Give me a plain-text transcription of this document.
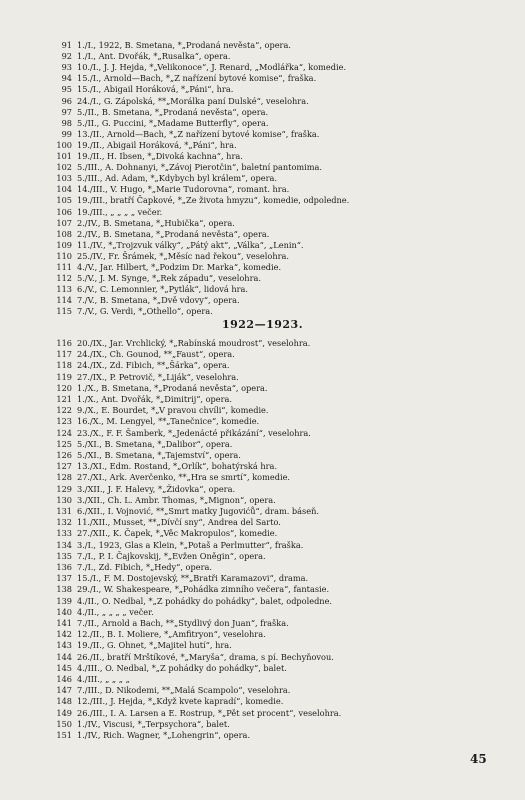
91 1./I., 1922, B. Smetana, *„Prodaná nevěsta“, opera.
92 1./I., Ant. Dvořák, *„Rusalka“, opera.
93 10./I., J. J. Hejda, *„Velikonoce“, J. Renard, „Modlářka“, komedie.
94 15./I., Arnold—Bach, *„Z nařízení bytové komise“, fraška.
95 15./I., Abigail Horáková, *„Páni“, hra.
96 24./I., G. Zápolská, **„Morálka paní Dulské“, veselohra.
97 5./II., B. Smetana, *„Prodaná nevěsta“, opera.
98 5./II., G. Puccini, *„Madame Butterfly“, opera.
99 13./II., Arnold—Bach, *„Z nařízení bytové komise“, fraška.
100 19./II., Abigail Horáková, *„Páni“, hra.
101 19./II., H. Ibsen, *„Divoká kachna“, hra.
102 5./III., A. Dohnanyi, *„Závoj Pierotčin“, baletní pantomima.
103 5./III., Ad. Adam, *„Kdybych byl králem“, opera.
104 14./III., V. Hugo, *„Marie Tudorovna“, romant. hra.
105 19./III., bratří Čapkové, *„Ze života hmyzu“, komedie, odpoledne.
106 19./III., „ „ „ „ večer.
107 2./IV., B. Smetana, *„Hubička“, opera.
108 2./IV., B. Smetana, *„Prodaná nevěsta“, opera.
109 11./IV., *„Trojzvuk války“, „Pátý akt“, „Válka“, „Lenin“.
110 25./IV., Fr. Šrámek, *„Měsíc nad řekou“, veselohra.
111 4./V., Jar. Hilbert, *„Podzim Dr. Marka“, komedie.
112 5./V., J. M. Synge, *„Rek západu“, veselohra.
113 6./V., C. Lemonnier, *„Pytlák“, lidová hra.
114 7./V., B. Smetana, *„Dvě vdovy“, opera.
115 7./V., G. Verdi, *„Othello“, opera.
1922—1923.
116 20./IX., Jar. Vrchlický, *„Rabínská moudrost“, veselohra.
117 24./IX., Ch. Gounod, **„Faust“, opera.
118 24./IX., Zd. Fibich, **„Šárka“, opera.
119 27./IX., P. Petrovič, *„Liják“, veselohra.
120 1./X., B. Smetana, *„Prodaná nevěsta“, opera.
121 1./X., Ant. Dvořák, *„Dimitrij“, opera.
122 9./X., E. Bourdet, *„V pravou chvíli“, komedie.
123 16./X., M. Lengyel, **„Tanečnice“, komedie.
124 23./X., F. F. Šamberk, *„Jedenácté přikázání“, veselohra.
125 5./XI., B. Smetana, *„Dalibor“, opera.
126 5./XI., B. Smetana, *„Tajemství“, opera.
127 13./XI., Edm. Rostand, *„Orlík“, bohatýrská hra.
128 27./XI., Ark. Averčenko, **„Hra se smrtí“, komedie.
129 3./XII., J. F. Halevy, *„Židovka“, opera.
130 3./XII., Ch. L. Ambr. Thomas, *„Mignon“, opera.
131 6./XII., I. Vojnović, **„Smrt matky Jugovićů“, dram. báseň.
132 11./XII., Musset, **„Dívčí sny“, Andrea del Sarto.
133 27./XII., K. Čapek, *„Věc Makropulos“, komedie.
134 3./I., 1923, Glas a Klein, *„Potaš a Perlmutter“, fraška.
135 7./I., P. I. Čajkovskij, *„Evžen Oněgin“, opera.
136 7./I., Zd. Fibich, *„Hedy“, opera.
137 15./I., F. M. Dostojevský, **„Bratři Karamazovi“, drama.
138 29./I., W. Shakespeare, *„Pohádka zimního večera“, fantasie.
139 4./II., O. Nedbal, *„Z pohádky do pohádky“, balet, odpoledne.
140 4./II., „ „ „ „ večer.
141 7./II., Arnold a Bach, **„Stydlivý don Juan“, fraška.
142 12./II., B. I. Moliere, *„Amfitryon“, veselohra.
143 19./II., G. Ohnet, *„Majitel hutí“, hra.
144 26./II., bratří Mrštíkové, *„Maryša“, drama, s pí. Bechyňovou.
145 4./III., O. Nedbal, *„Z pohádky do pohádky“, balet.
146 4./III., „ „ „ „
147 7./III., D. Nikodemi, **„Malá Scampolo“, veselohra.
148 12./III., J. Hejda, *„Když kvete kapradí“, komedie.
149 26./III., I. A. Larsen a E. Rostrup, *„Pět set procent“, veselohra.
150 1./IV., Viscusi, *„Terpsychora“, balet.
151 1./IV., Rich. Wagner, *„Lohengrin“, opera.
45
